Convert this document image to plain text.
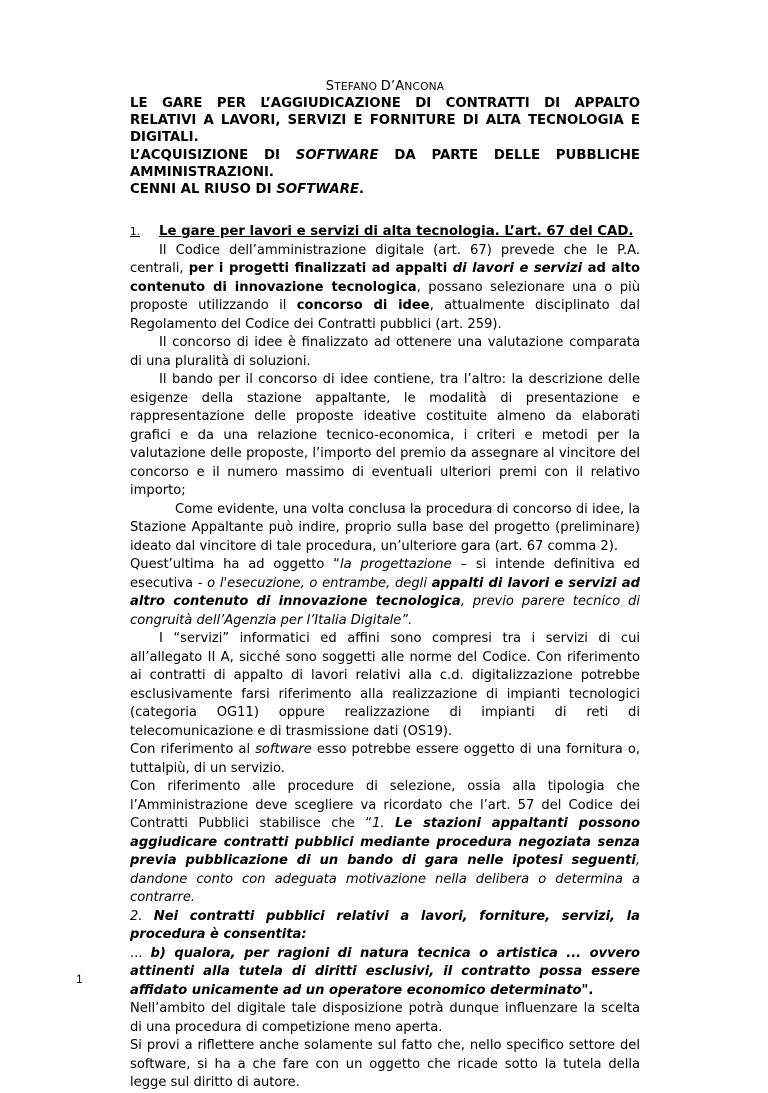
STEFANO D’ANCONA

LE GARE PER L’AGGIUDICAZIONE DI CONTRATTI DI APPALTO RELATIVI A LAVORI, SERVIZI E FORNITURE DI ALTA TECNOLOGIA E DIGITALI.

L’ACQUISIZIONE DI SOFTWARE DA PARTE DELLE PUBBLICHE AMMINISTRAZIONI.

CENNI AL RIUSO DI SOFTWARE.

1.	Le gare per lavori e servizi di alta tecnologia. L’art. 67 del CAD.

Il Codice dell’amministrazione digitale (art. 67) prevede che le P.A. centrali, per i progetti finalizzati ad appalti di lavori e servizi ad alto contenuto di innovazione tecnologica, possano selezionare una o più proposte utilizzando il concorso di idee, attualmente disciplinato dal Regolamento del Codice dei Contratti pubblici (art. 259).

Il concorso di idee è finalizzato ad ottenere una valutazione comparata di una pluralità di soluzioni.

Il bando per il concorso di idee contiene, tra l’altro: la descrizione delle esigenze della stazione appaltante, le modalità di presentazione e rappresentazione delle proposte ideative costituite almeno da elaborati grafici e da una relazione tecnico-economica, i criteri e metodi per la valutazione delle proposte, l’importo del premio da assegnare al vincitore del concorso e il numero massimo di eventuali ulteriori premi con il relativo importo;

Come evidente, una volta conclusa la procedura di concorso di idee, la Stazione Appaltante può indire, proprio sulla base del progetto (preliminare) ideato dal vincitore di tale procedura, un’ulteriore gara (art. 67 comma 2).

Quest’ultima ha ad oggetto “la progettazione – si intende definitiva ed esecutiva - o l'esecuzione, o entrambe, degli appalti di lavori e servizi ad altro contenuto di innovazione tecnologica, previo parere tecnico di congruità dell’Agenzia per l’Italia Digitale”.

I “servizi” informatici ed affini sono compresi tra i servizi di cui all’allegato II A, sicché sono soggetti alle norme del Codice. Con riferimento ai contratti di appalto di lavori relativi alla c.d. digitalizzazione potrebbe esclusivamente farsi riferimento alla realizzazione di impianti tecnologici (categoria OG11) oppure realizzazione di impianti di reti di telecomunicazione e di trasmissione dati (OS19).

Con riferimento al software esso potrebbe essere oggetto di una fornitura o, tuttalpiù, di un servizio.

Con riferimento alle procedure di selezione, ossia alla tipologia che l’Amministrazione deve scegliere va ricordato che l’art. 57 del Codice dei Contratti Pubblici stabilisce che “1. Le stazioni appaltanti possono aggiudicare contratti pubblici mediante procedura negoziata senza previa pubblicazione di un bando di gara nelle ipotesi seguenti, dandone conto con adeguata motivazione nella delibera o determina a contrarre.

2. Nei contratti pubblici relativi a lavori, forniture, servizi, la procedura è consentita:

... b) qualora, per ragioni di natura tecnica o artistica ... ovvero attinenti alla tutela di diritti esclusivi, il contratto possa essere affidato unicamente ad un operatore economico determinato".

Nell’ambito del digitale tale disposizione potrà dunque influenzare la scelta di una procedura di competizione meno aperta.

Si provi a riflettere anche solamente sul fatto che, nello specifico settore del software, si ha a che fare con un oggetto che ricade sotto la tutela della legge sul diritto di autore.

1
